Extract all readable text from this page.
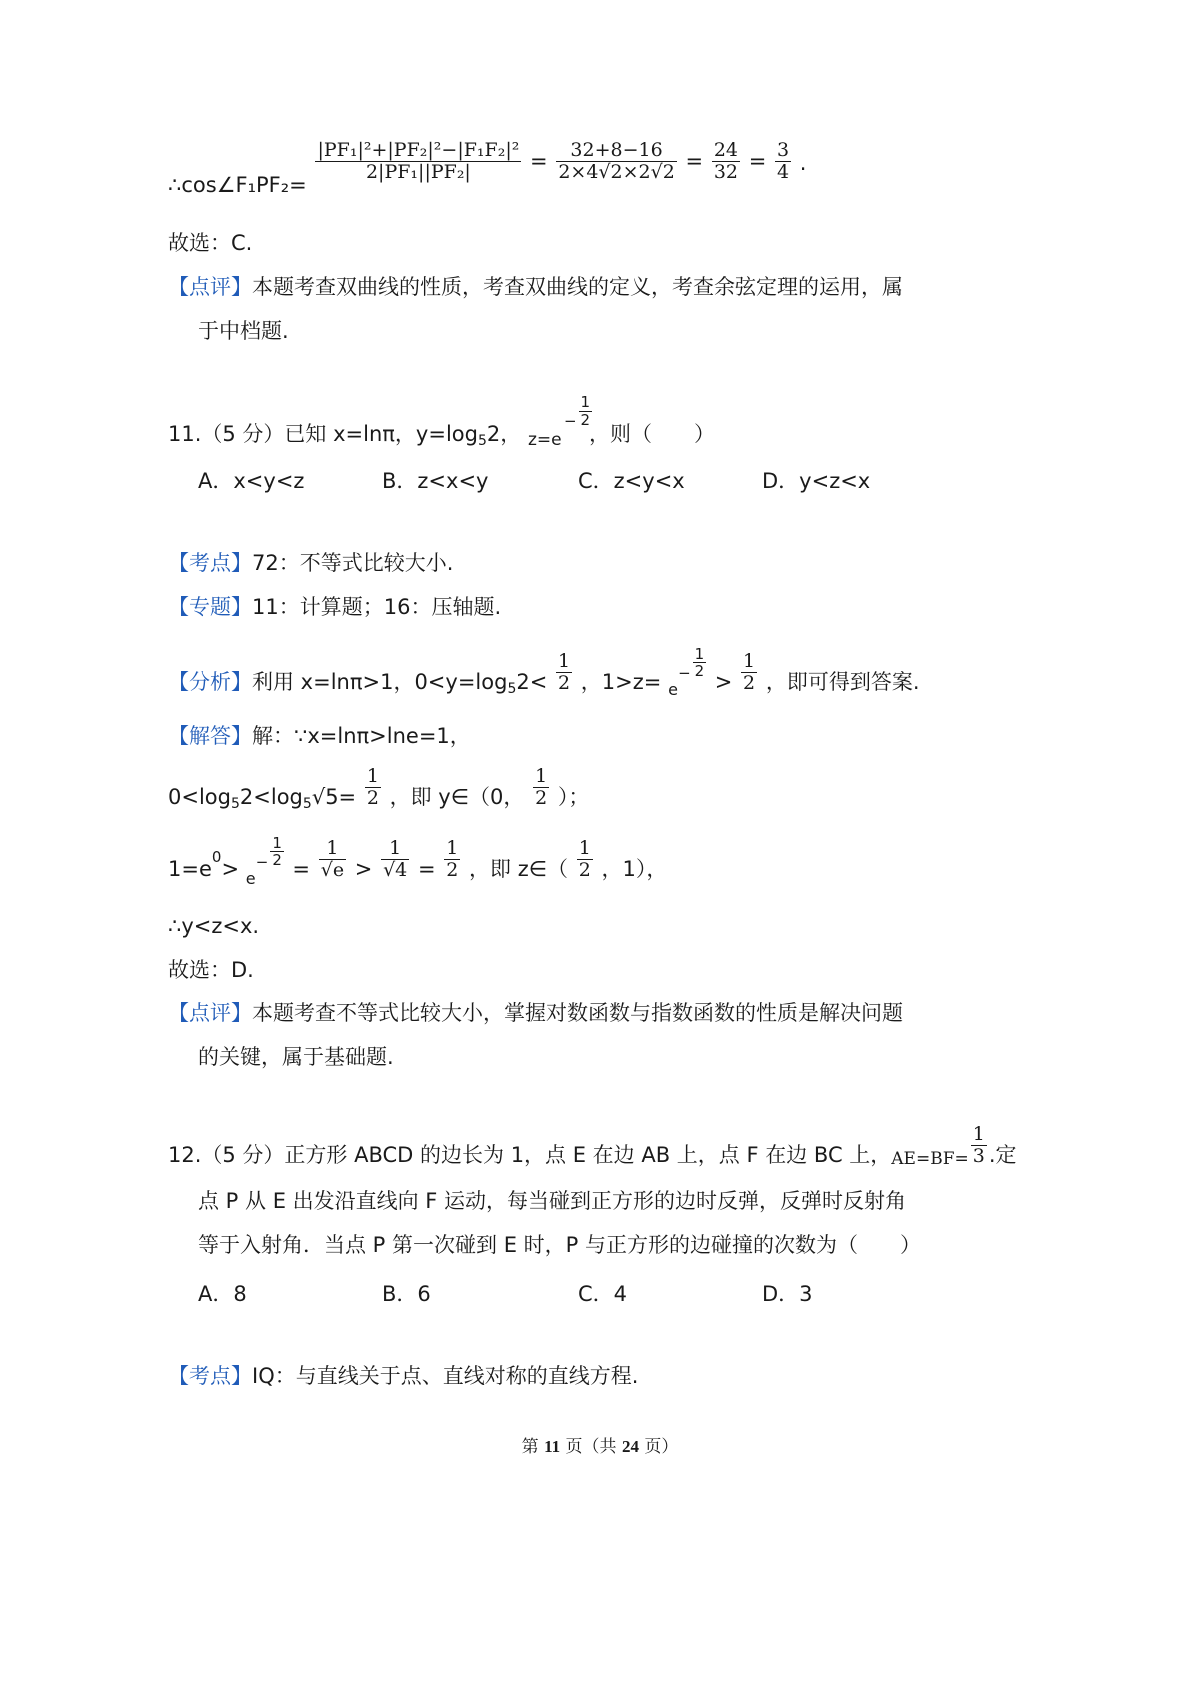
∴cos∠F₁PF₂=
$\frac{\text{|PF₁|²+|PF₂|²−|F₁F₂|²}}{\text{2|PF₁||PF₂|}} = \frac{32+8-16}{2\times 4√2\times 2√2} = \frac{24}{32} = \frac{3}{4}$ .
故选：C.
【点评】本题考查双曲线的性质，考查双曲线的定义，考查余弦定理的运用，属
于中档题.
11.（5 分）已知 x=lnπ，$y=\log_52$， $_{z=e - \frac{1}{2}}$
，则（　　）
A．x<y<z	B．z<x<y	C．z<y<x	D．y<z<x
【考点】72：不等式比较大小.
【专题】11：计算题；16：压轴题.
【分析】利用 x=lnπ>1，$0<y=\log_52< \frac{1}{2}$ ，1>z= e
− $\frac{1}{2}$
> $\frac{1}{2}$ ，即可得到答案.
【解答】解：∵x=lnπ>lne=1，
$0<\log_52<\log_5√5= \frac{1}{2}$ ，即 y∈（0， $\frac{1}{2}$ ）；
1=e0> e
− $\frac{1}{2} = \frac{1}{√e} > \frac{1}{√4} = \frac{1}{2}$ ，即 z∈（ $\frac{1}{2}$ ，1），
∴y<z<x.
故选：D.
【点评】本题考查不等式比较大小，掌握对数函数与指数函数的性质是解决问题
的关键，属于基础题.
12.（5 分）正方形 ABCD 的边长为 1，点 E 在边 AB 上，点 F 在边 BC 上，$_{AE=BF=} \frac{1}{3}$ .定
点 P 从 E 出发沿直线向 F 运动，每当碰到正方形的边时反弹，反弹时反射角
等于入射角．当点 P 第一次碰到 E 时，P 与正方形的边碰撞的次数为（　　）
A．8	B．6	C．4	D．3
【考点】IQ：与直线关于点、直线对称的直线方程.
第 11 页（共 24 页）
